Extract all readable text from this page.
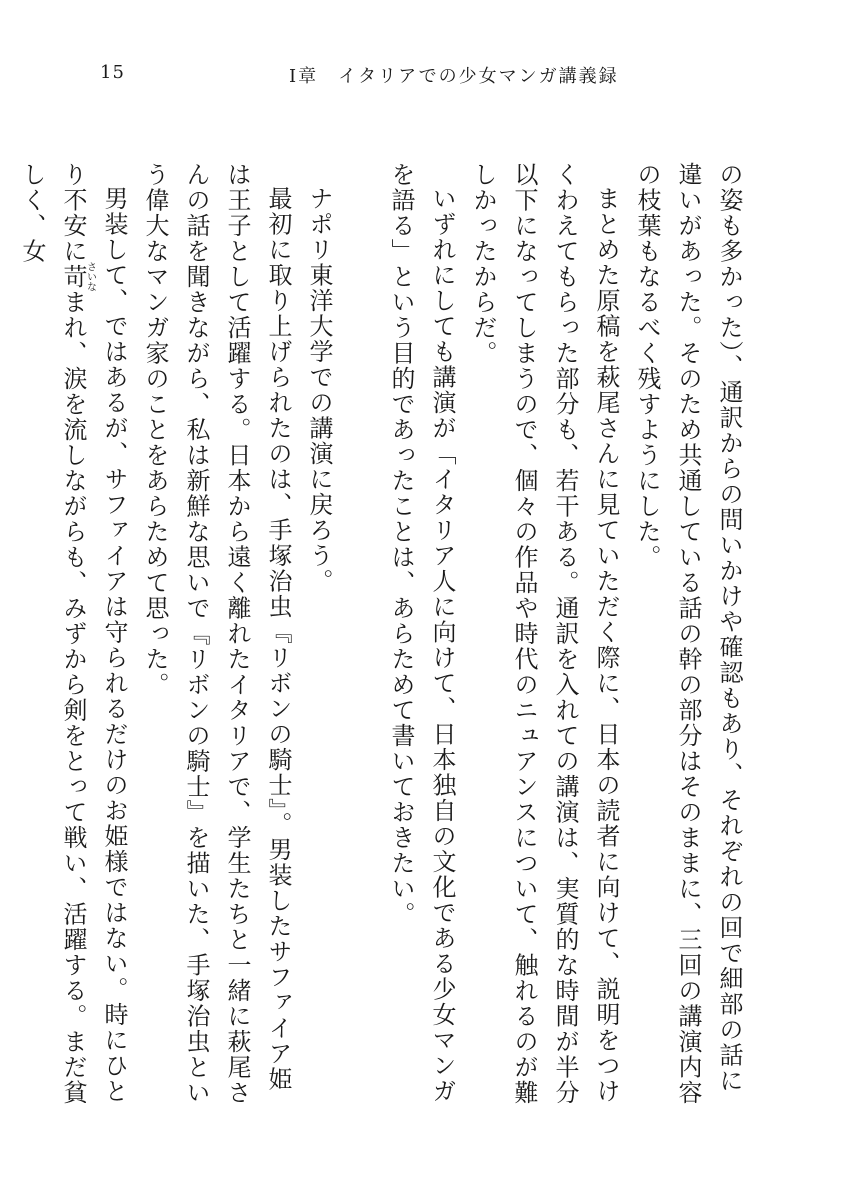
15	I章　イタリアでの少女マンガ講義録

の姿も多かった）、通訳からの問いかけや確認もあり、それぞれの回で細部の話に違いがあった。そのため共通している話の幹の部分はそのままに、三回の講演内容の枝葉もなるべく残すようにした。

まとめた原稿を萩尾さんに見ていただく際に、日本の読者に向けて、説明をつけくわえてもらった部分も、若干ある。通訳を入れての講演は、実質的な時間が半分以下になってしまうので、個々の作品や時代のニュアンスについて、触れるのが難しかったからだ。

いずれにしても講演が「イタリア人に向けて、日本独自の文化である少女マンガを語る」という目的であったことは、あらためて書いておきたい。

ナポリ東洋大学での講演に戻ろう。

最初に取り上げられたのは、手塚治虫『リボンの騎士』。男装したサファイア姫は王子として活躍する。日本から遠く離れたイタリアで、学生たちと一緒に萩尾さんの話を聞きながら、私は新鮮な思いで『リボンの騎士』を描いた、手塚治虫という偉大なマンガ家のことをあらためて思った。

男装して、ではあるが、サファイアは守られるだけのお姫様ではない。時にひとり不安に苛さいなまれ、涙を流しながらも、みずから剣をとって戦い、活躍する。まだ貧しく、女
